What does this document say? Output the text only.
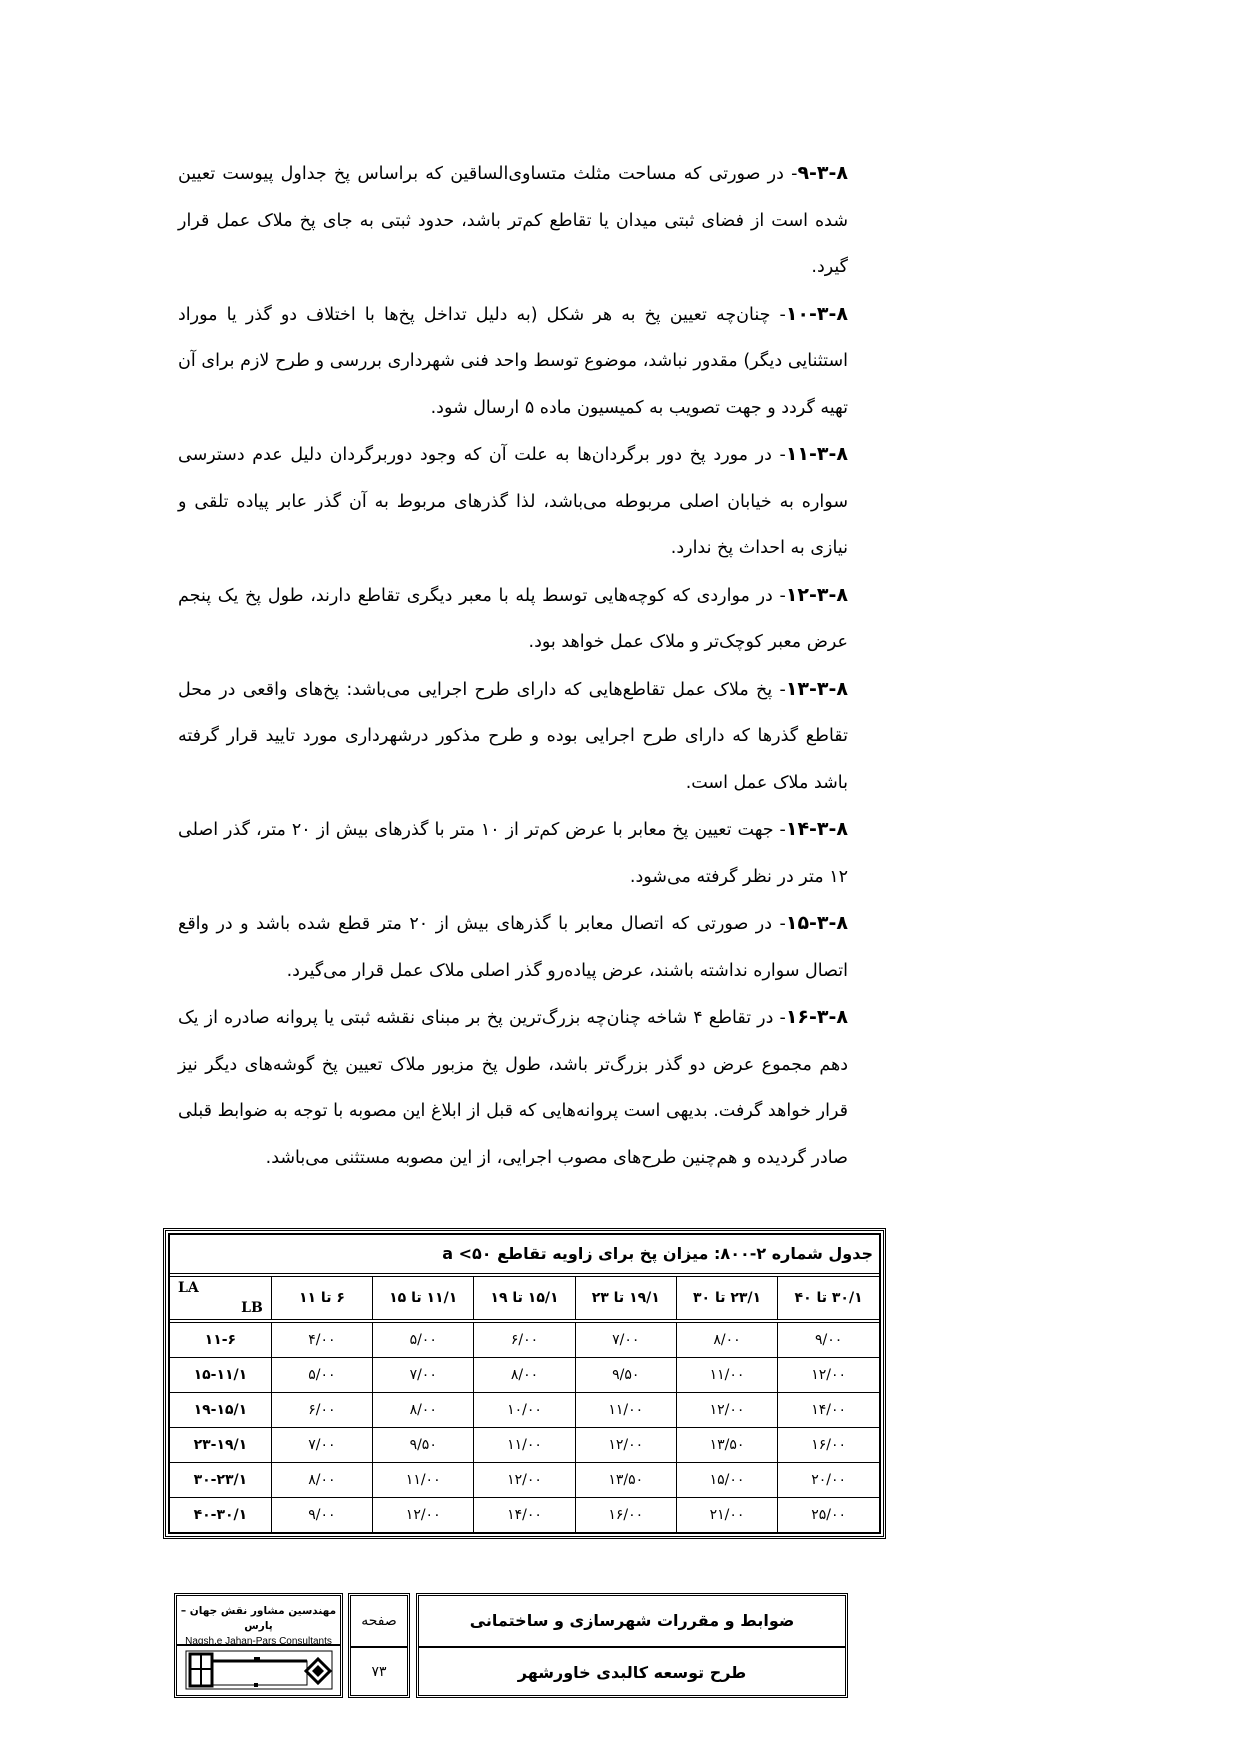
۹-۳-۸- در صورتی که مساحت مثلث متساوی‌الساقین که براساس پخ جداول پیوست تعیین شده است از فضای ثبتی میدان یا تقاطع کم‌تر باشد، حدود ثبتی به جای پخ ملاک عمل قرار گیرد.

۱۰-۳-۸- چنان‌چه تعیین پخ به هر شکل (به دلیل تداخل پخ‌ها با اختلاف دو گذر یا موراد استثنایی دیگر) مقدور نباشد، موضوع توسط واحد فنی شهرداری بررسی و طرح لازم برای آن تهیه گردد و جهت تصویب به کمیسیون ماده ۵ ارسال شود.

۱۱-۳-۸- در مورد پخ دور برگردان‌ها به علت آن که وجود دوربرگردان دلیل عدم دسترسی سواره به خیابان اصلی مربوطه می‌باشد، لذا گذرهای مربوط به آن گذر عابر پیاده تلقی و نیازی به احداث پخ ندارد.

۱۲-۳-۸- در مواردی که کوچه‌هایی توسط پله با معبر دیگری تقاطع دارند، طول پخ یک پنجم عرض معبر کوچک‌تر و ملاک عمل خواهد بود.

۱۳-۳-۸- پخ ملاک عمل تقاطع‌هایی که دارای طرح اجرایی می‌باشد: پخ‌های واقعی در محل تقاطع گذرها که دارای طرح اجرایی بوده و طرح مذکور درشهرداری مورد تایید قرار گرفته باشد ملاک عمل است.

۱۴-۳-۸- جهت تعیین پخ معابر با عرض کم‌تر از ۱۰ متر با گذرهای بیش از ۲۰ متر، گذر اصلی ۱۲ متر در نظر گرفته می‌شود.

۱۵-۳-۸- در صورتی که اتصال معابر با گذرهای بیش از ۲۰ متر قطع شده باشد و در واقع اتصال سواره نداشته باشند، عرض پیاده‌رو گذر اصلی ملاک عمل قرار می‌گیرد.

۱۶-۳-۸- در تقاطع ۴ شاخه چنان‌چه بزرگ‌ترین پخ بر مبنای نقشه ثبتی یا پروانه صادره از یک دهم مجموع عرض دو گذر بزرگ‌تر باشد، طول پخ مزبور ملاک تعیین پخ گوشه‌های دیگر نیز قرار خواهد گرفت. بدیهی است پروانه‌هایی که قبل از ابلاغ این مصوبه با توجه به ضوابط قبلی صادر گردیده و هم‌چنین طرح‌های مصوب اجرایی، از این مصوبه مستثنی می‌باشد.

جدول شماره ۲-۸۰۰: میزان پخ برای زاویه تقاطع ۵۰> a
LA
LB	۶ تا ۱۱	۱۱/۱ تا ۱۵	۱۵/۱ تا ۱۹	۱۹/۱ تا ۲۳	۲۳/۱ تا ۳۰	۳۰/۱ تا ۴۰
۱۱-۶	۴/۰۰	۵/۰۰	۶/۰۰	۷/۰۰	۸/۰۰	۹/۰۰
۱۵-۱۱/۱	۵/۰۰	۷/۰۰	۸/۰۰	۹/۵۰	۱۱/۰۰	۱۲/۰۰
۱۹-۱۵/۱	۶/۰۰	۸/۰۰	۱۰/۰۰	۱۱/۰۰	۱۲/۰۰	۱۴/۰۰
۲۳-۱۹/۱	۷/۰۰	۹/۵۰	۱۱/۰۰	۱۲/۰۰	۱۳/۵۰	۱۶/۰۰
۳۰-۲۳/۱	۸/۰۰	۱۱/۰۰	۱۲/۰۰	۱۳/۵۰	۱۵/۰۰	۲۰/۰۰
۴۰-۳۰/۱	۹/۰۰	۱۲/۰۰	۱۴/۰۰	۱۶/۰۰	۲۱/۰۰	۲۵/۰۰
ضوابط و مقررات شهرسازی و ساختمانی
طرح توسعه کالبدی خاورشهر
صفحه
۷۳
مهندسین مشاور نقش جهان – پارس
Naqsh,e Jahan-Pars Consultants
